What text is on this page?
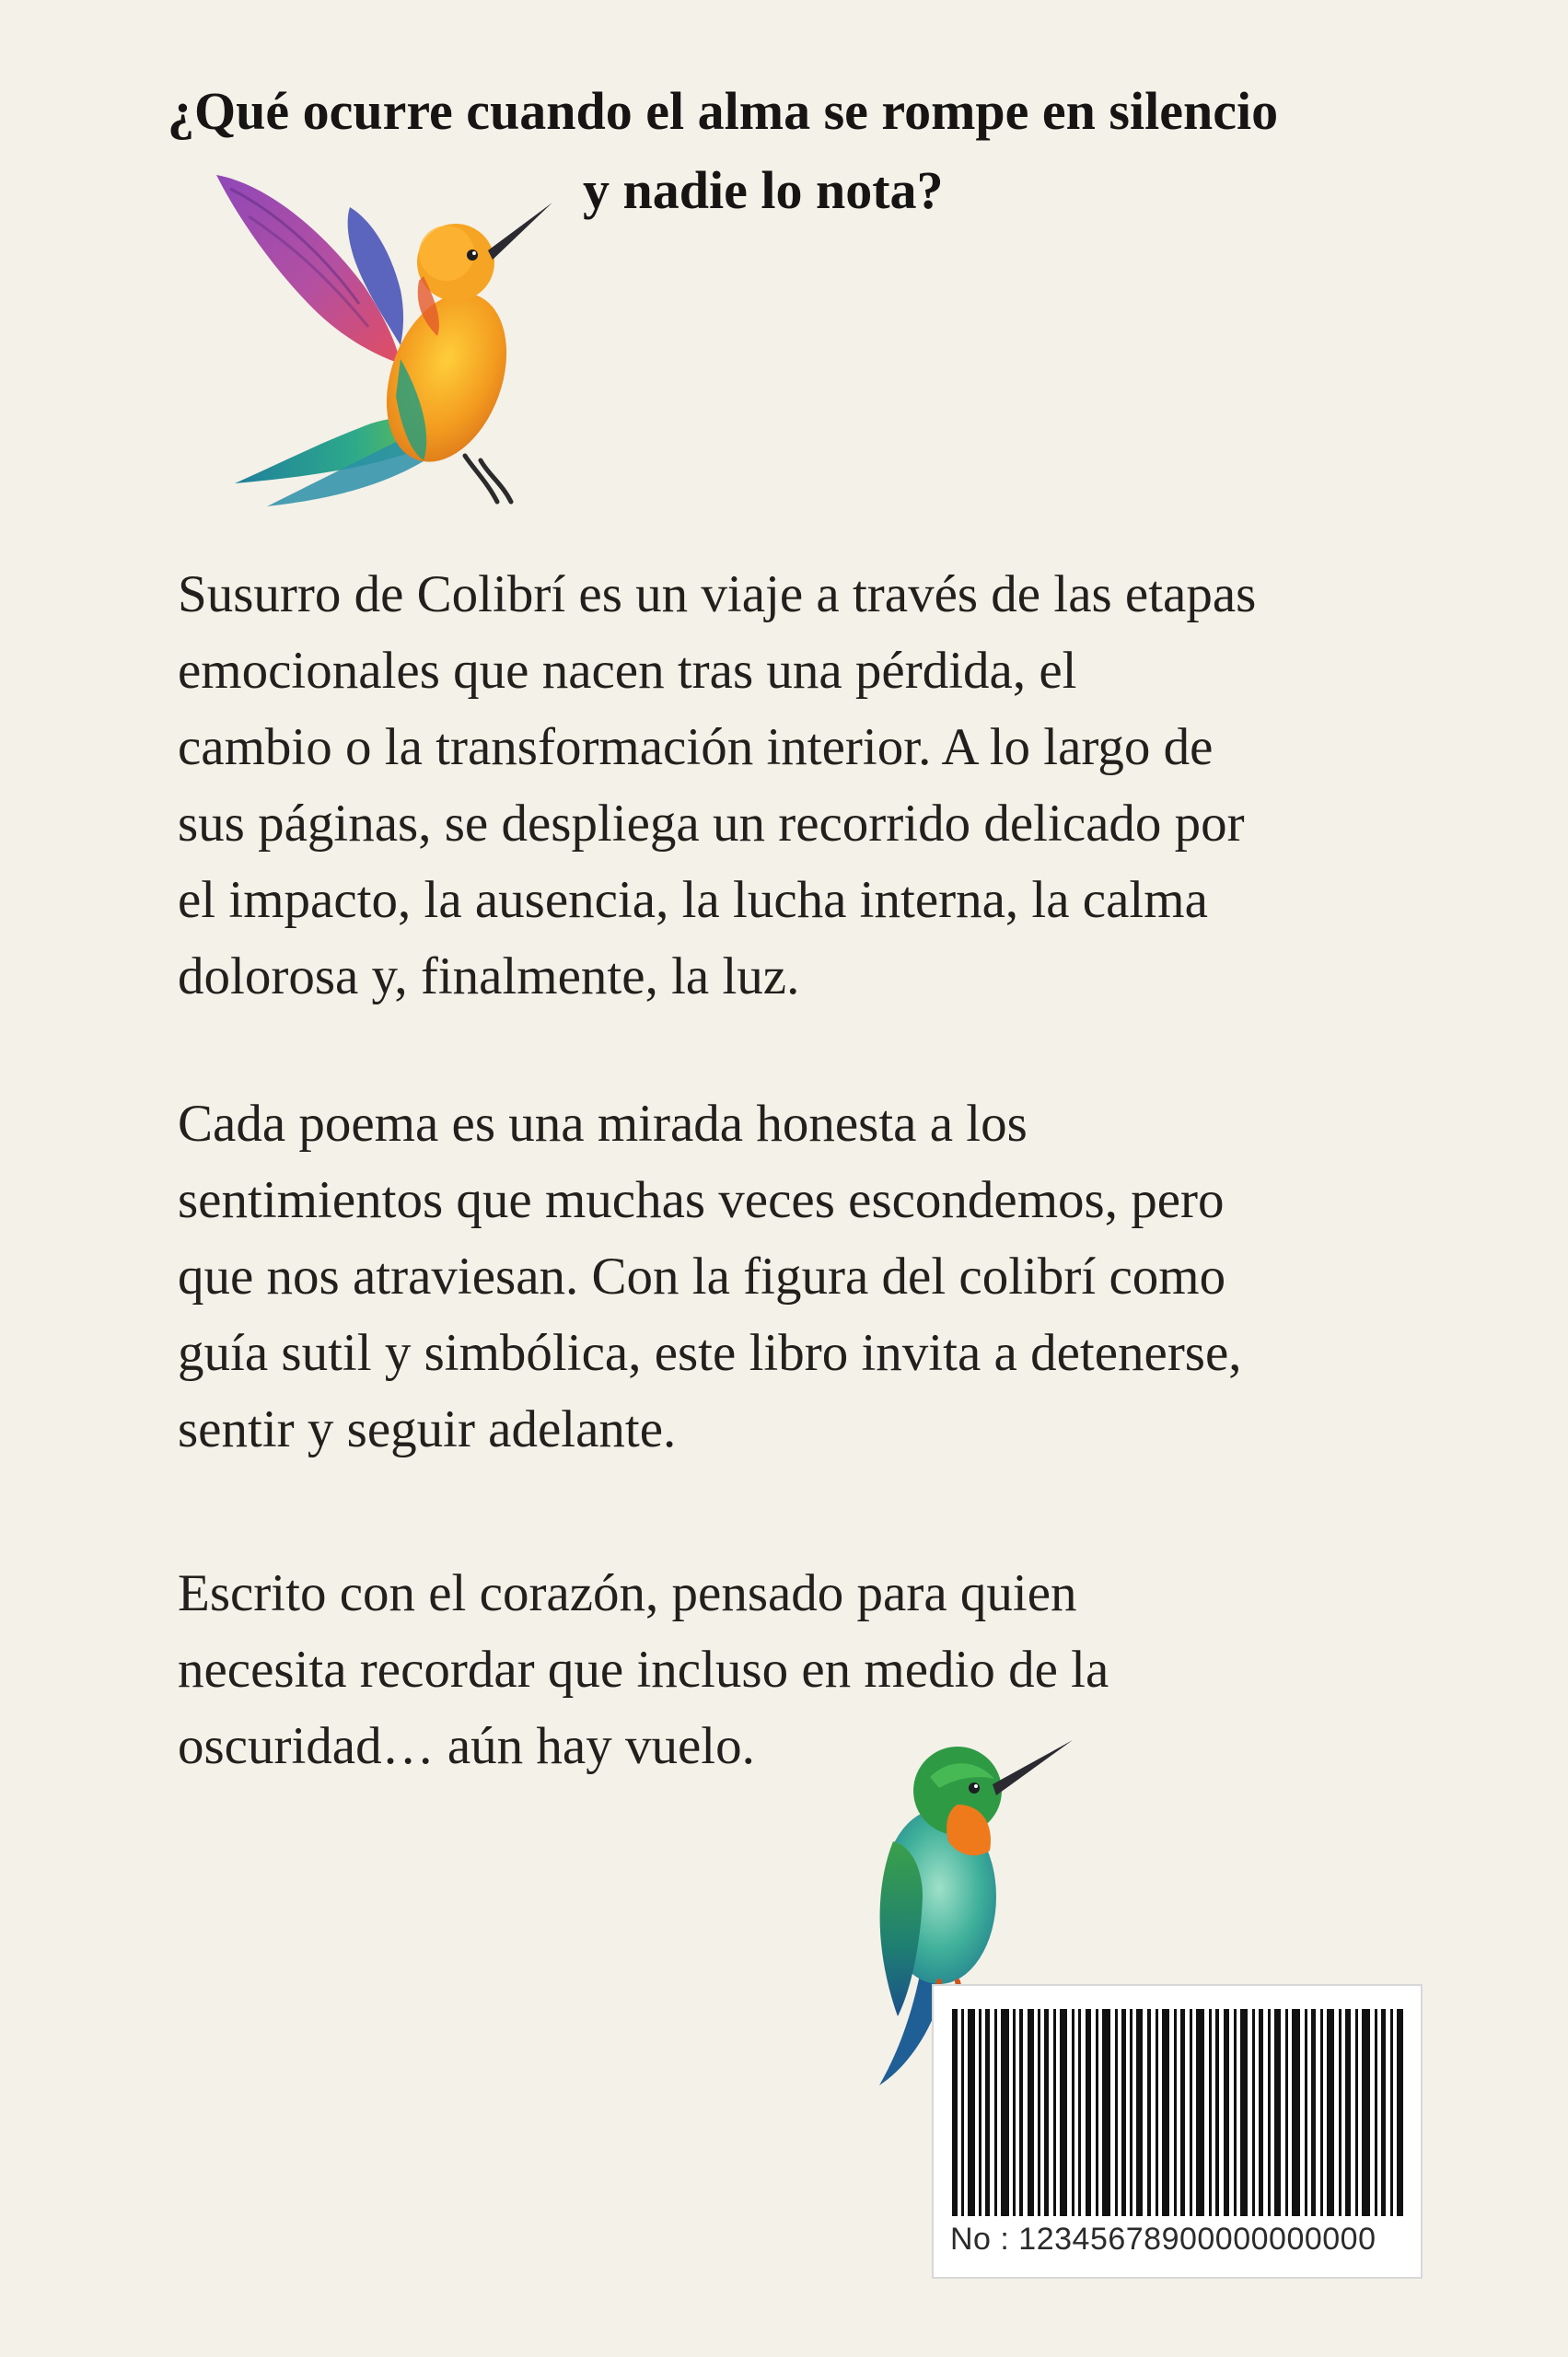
¿Qué ocurre cuando el alma se rompe en silencio
y nadie lo nota?

Susurro de Colibrí es un viaje a través de las etapas
emocionales que nacen tras una pérdida, el
cambio o la transformación interior. A lo largo de
sus páginas, se despliega un recorrido delicado por
el impacto, la ausencia, la lucha interna, la calma
dolorosa y, finalmente, la luz.

Cada poema es una mirada honesta a los
sentimientos que muchas veces escondemos, pero
que nos atraviesan. Con la figura del colibrí como
guía sutil y simbólica, este libro invita a detenerse,
sentir y seguir adelante.

Escrito con el corazón, pensado para quien
necesita recordar que incluso en medio de la
oscuridad… aún hay vuelo.

No : 12345678900000000000
